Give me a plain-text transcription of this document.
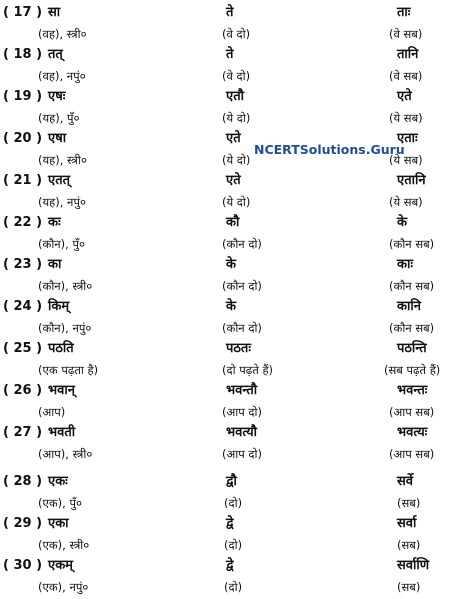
( 17 ) सा	ते	ताः
(वह), स्त्री०	(वे दो)	(वे सब)
( 18 ) तत्	ते	तानि
(वह), नपुं०	(वे दो)	(वे सब)
( 19 ) एषः	एतौ	एते
(यह), पुँ०	(ये दो)	(ये सब)
( 20 ) एषा	एते	एताः
(यह), स्त्री०	(ये दो)	(ये सब)
( 21 ) एतत्	एते	एतानि
(यह), नपुं०	(ये दो)	(ये सब)
( 22 ) कः	कौ	के
(कौन), पुँ०	(कौन दो)	(कौन सब)
( 23 ) का	के	काः
(कौन), स्त्री०	(कौन दो)	(कौन सब)
( 24 ) किम्	के	कानि
(कौन), नपुं०	(कौन दो)	(कौन सब)
( 25 ) पठति	पठतः	पठन्ति
(एक पढ़ता है)	(दो पढ़ते हैं)	(सब पढ़ते हैं)
( 26 ) भवान्	भवन्तौ	भवन्तः
(आप)	(आप दो)	(आप सब)
( 27 ) भवती	भवत्यौ	भवत्यः
(आप), स्त्री०	(आप दो)	(आप सब)
( 28 ) एकः	द्वौ	सर्वे
(एक), पुँ०	(दो)	(सब)
( 29 ) एका	द्वे	सर्वा
(एक), स्त्री०	(दो)	(सब)
( 30 ) एकम्	द्वे	सर्वाणि
(एक), नपुं०	(दो)	(सब)
NCERTSolutions.Guru
